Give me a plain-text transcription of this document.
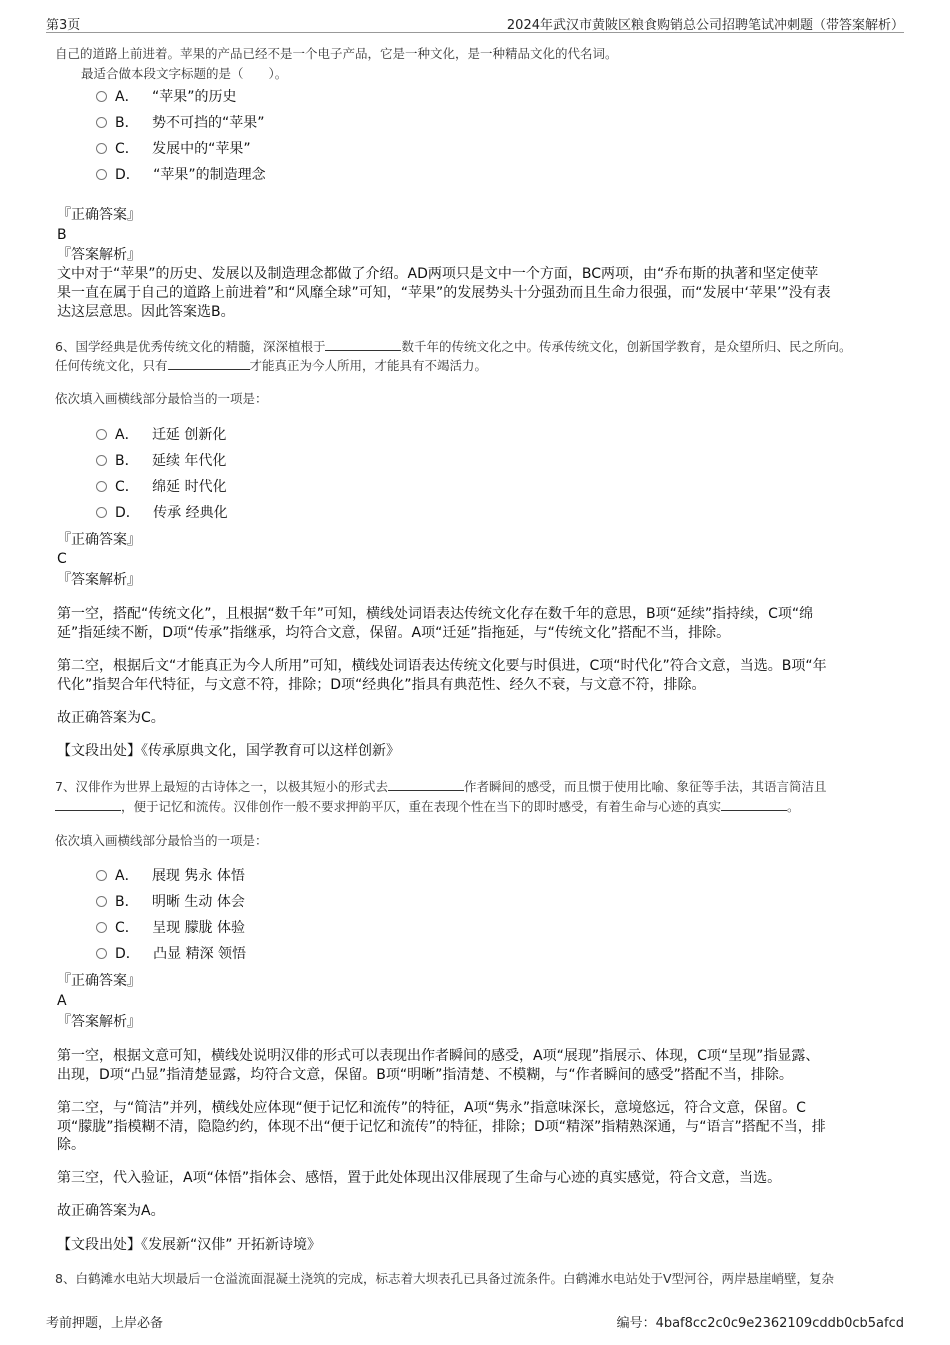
第3页	2024年武汉市黄陂区粮食购销总公司招聘笔试冲刺题（带答案解析）
自己的道路上前进着。苹果的产品已经不是一个电子产品，它是一种文化，是一种精品文化的代名词。
最适合做本段文字标题的是（　　）。
A． “苹果”的历史
B． 势不可挡的“苹果”
C． 发展中的“苹果”
D． “苹果”的制造理念
『正确答案』
B
『答案解析』
文中对于“苹果”的历史、发展以及制造理念都做了介绍。AD两项只是文中一个方面，BC两项，由“乔布斯的执著和坚定使苹
果一直在属于自己的道路上前进着”和“风靡全球”可知，“苹果”的发展势头十分强劲而且生命力很强，而“发展中‘苹果’”没有表
达这层意思。因此答案选B。
6、国学经典是优秀传统文化的精髓，深深植根于	数千年的传统文化之中。传承传统文化，创新国学教育，是众望所归、民之所向。
任何传统文化，只有	才能真正为今人所用，才能具有不竭活力。
依次填入画横线部分最恰当的一项是：
A． 迁延 创新化
B． 延续 年代化
C． 绵延 时代化
D． 传承 经典化
『正确答案』
C
『答案解析』
第一空，搭配“传统文化”，且根据“数千年”可知，横线处词语表达传统文化存在数千年的意思，B项“延续”指持续，C项“绵
延”指延续不断，D项“传承”指继承，均符合文意，保留。A项“迁延”指拖延，与“传统文化”搭配不当，排除。
第二空，根据后文“才能真正为今人所用”可知，横线处词语表达传统文化要与时俱进，C项“时代化”符合文意，当选。B项“年
代化”指契合年代特征，与文意不符，排除；D项“经典化”指具有典范性、经久不衰，与文意不符，排除。
故正确答案为C。
【文段出处】《传承原典文化，国学教育可以这样创新》
7、汉俳作为世界上最短的古诗体之一，以极其短小的形式去	作者瞬间的感受，而且惯于使用比喻、象征等手法，其语言简洁且
，便于记忆和流传。汉俳创作一般不要求押韵平仄，重在表现个性在当下的即时感受，有着生命与心迹的真实	。
依次填入画横线部分最恰当的一项是：
A． 展现 隽永 体悟
B． 明晰 生动 体会
C． 呈现 朦胧 体验
D． 凸显 精深 领悟
『正确答案』
A
『答案解析』
第一空，根据文意可知，横线处说明汉俳的形式可以表现出作者瞬间的感受，A项“展现”指展示、体现，C项“呈现”指显露、
出现，D项“凸显”指清楚显露，均符合文意，保留。B项“明晰”指清楚、不模糊，与“作者瞬间的感受”搭配不当，排除。
第二空，与“简洁”并列，横线处应体现“便于记忆和流传”的特征，A项“隽永”指意味深长，意境悠远，符合文意，保留。C
项“朦胧”指模糊不清，隐隐约约，体现不出“便于记忆和流传”的特征，排除；D项“精深”指精熟深通，与“语言”搭配不当，排
除。
第三空，代入验证，A项“体悟”指体会、感悟，置于此处体现出汉俳展现了生命与心迹的真实感觉，符合文意，当选。
故正确答案为A。
【文段出处】《发展新“汉俳” 开拓新诗境》
8、白鹤滩水电站大坝最后一仓溢流面混凝土浇筑的完成，标志着大坝表孔已具备过流条件。白鹤滩水电站处于V型河谷，两岸悬崖峭壁，复杂
考前押题，上岸必备	编号：4baf8cc2c0c9e2362109cddb0cb5afcd
